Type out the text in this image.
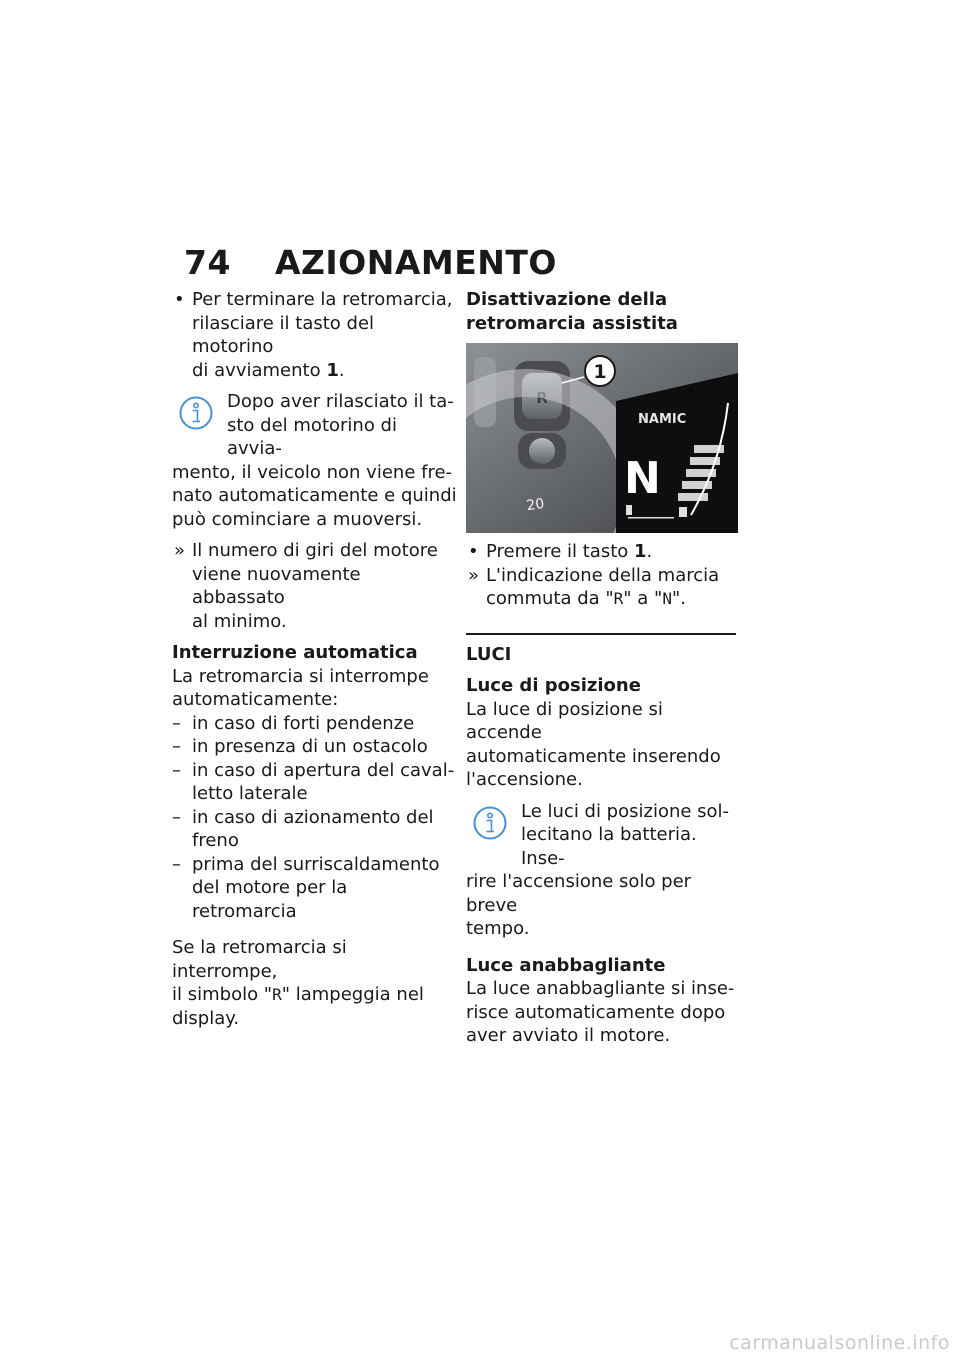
74 AZIONAMENTO
• Per terminare la retromarcia,
rilasciare il tasto del motorino
di avviamento 1.
Dopo aver rilasciato il ta-
sto del motorino di avvia-
mento, il veicolo non viene fre-
nato automaticamente e quindi
può cominciare a muoversi.
» Il numero di giri del motore
viene nuovamente abbassato
al minimo.
Interruzione automatica

La retromarcia si interrompe

automaticamente:

– in caso di forti pendenze
– in presenza di un ostacolo
– in caso di apertura del caval-
letto laterale
– in caso di azionamento del
freno
– prima del surriscaldamento
del motore per la retromarcia

Se la retromarcia si interrompe,

il simbolo "R" lampeggia nel

display.

Disattivazione della
retromarcia assistita
R
20
NAMIC
N
1
• Premere il tasto 1.
» L'indicazione della marcia
commuta da "R" a "N".

LUCI

Luce di posizione

La luce di posizione si accende

automaticamente inserendo

l'accensione.

Le luci di posizione sol-
lecitano la batteria. Inse-
rire l'accensione solo per breve
tempo.
Luce anabbagliante

La luce anabbagliante si inse-

risce automaticamente dopo

aver avviato il motore.

carmanualsonline.info
